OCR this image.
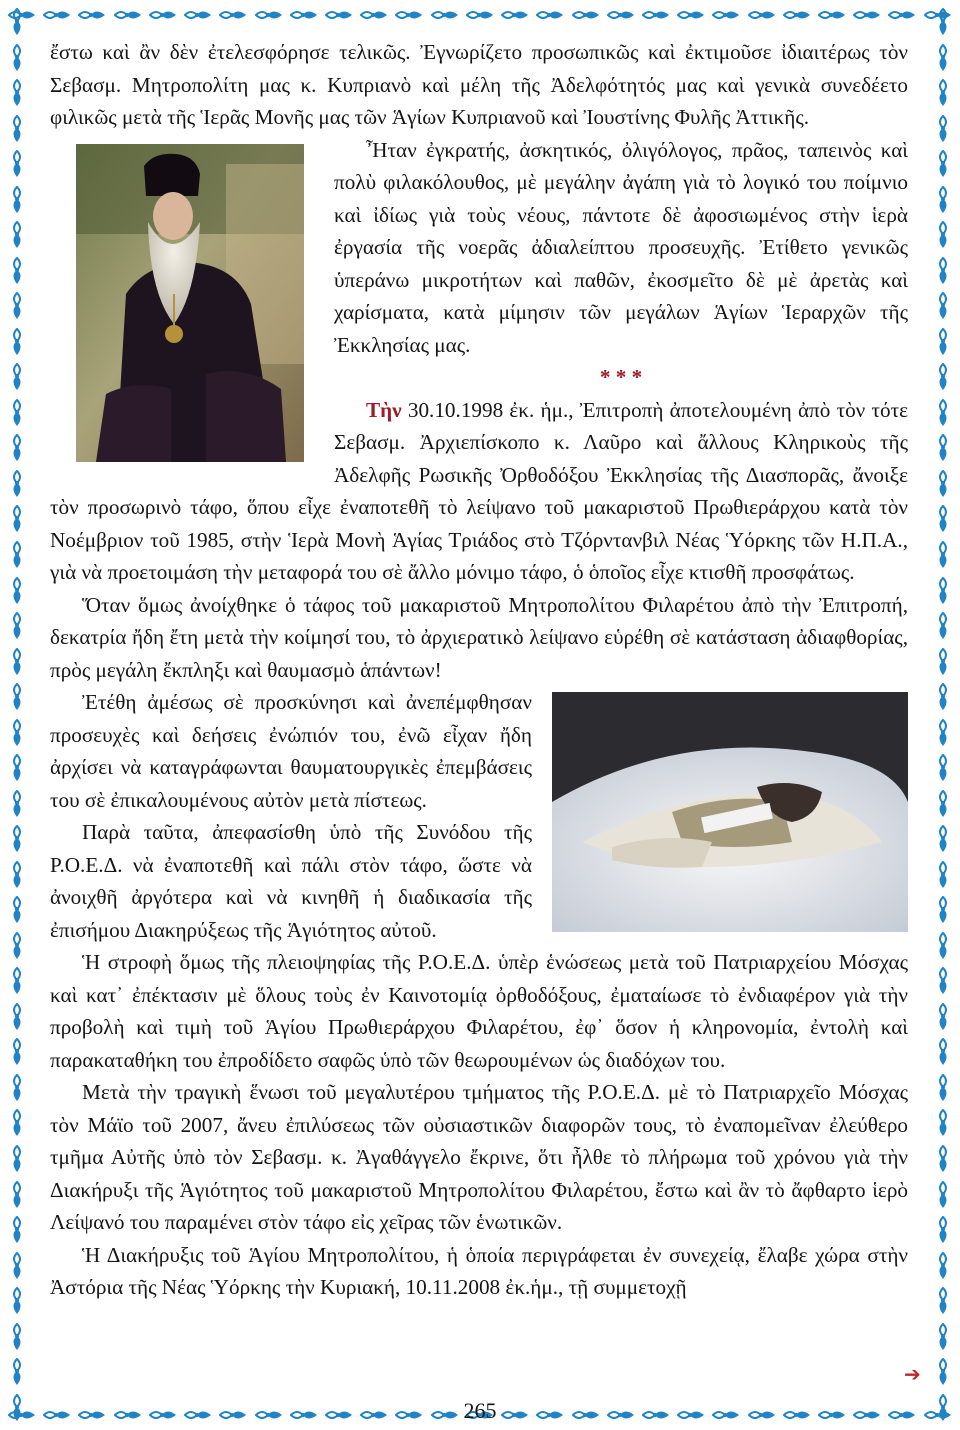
ἔστω καὶ ἂν δὲν ἐτελεσφόρησε τελικῶς. Ἐγνωρίζετο προσωπικῶς καὶ ἐκτιμοῦσε ἰδιαιτέρως τὸν Σεβασμ. Μητροπολίτη μας κ. Κυπριανὸ καὶ μέλη τῆς Ἀδελφότητός μας καὶ γενικὰ συνεδέετο φιλικῶς μετὰ τῆς Ἱερᾶς Μονῆς μας τῶν Ἁγίων Κυπριανοῦ καὶ Ἰουστίνης Φυλῆς Ἀττικῆς.

Ἦταν ἐγκρατής, ἀσκητικός, ὀλιγόλογος, πρᾶος, ταπεινὸς καὶ πολὺ φιλακόλουθος, μὲ μεγάλην ἀγάπη γιὰ τὸ λογικό του ποίμνιο καὶ ἰδίως γιὰ τοὺς νέους, πάντοτε δὲ ἀφοσιωμένος στὴν ἱερὰ ἐργασία τῆς νοερᾶς ἀδιαλείπτου προσευχῆς. Ἐτίθετο γενικῶς ὑπεράνω μικροτήτων καὶ παθῶν, ἐκοσμεῖτο δὲ μὲ ἀρετὰς καὶ χαρίσματα, κατὰ μίμησιν τῶν μεγάλων Ἁγίων Ἱεραρχῶν τῆς Ἐκκλησίας μας.

* * *

Τὴν 30.10.1998 ἐκ. ἡμ., Ἐπιτροπὴ ἀποτελουμένη ἀπὸ τὸν τότε Σεβασμ. Ἀρχιεπίσκοπο κ. Λαῦρο καὶ ἄλλους Κληρικοὺς τῆς Ἀδελφῆς Ρωσικῆς Ὀρθοδόξου Ἐκκλησίας τῆς Διασπορᾶς, ἄνοιξε τὸν προσωρινὸ τάφο, ὅπου εἶχε ἐναποτεθῆ τὸ λείψανο τοῦ μακαριστοῦ Πρωθιεράρχου κατὰ τὸν Νοέμβριον τοῦ 1985, στὴν Ἱερὰ Μονὴ Ἁγίας Τριάδος στὸ Τζόρντανβιλ Νέας Ὑόρκης τῶν Η.Π.Α., γιὰ νὰ προετοιμάση τὴν μεταφορά του σὲ ἄλλο μόνιμο τάφο, ὁ ὁποῖος εἶχε κτισθῆ προσφάτως.

Ὅταν ὅμως ἀνοίχθηκε ὁ τάφος τοῦ μακαριστοῦ Μητροπολίτου Φιλαρέτου ἀπὸ τὴν Ἐπιτροπή, δεκατρία ἤδη ἔτη μετὰ τὴν κοίμησί του, τὸ ἀρχιερατικὸ λείψανο εὑρέθη σὲ κατάσταση ἀδιαφθορίας, πρὸς μεγάλη ἔκπληξι καὶ θαυμασμὸ ἁπάντων!

Ἐτέθη ἀμέσως σὲ προσκύνησι καὶ ἀνεπέμφθησαν προσευχὲς καὶ δεήσεις ἐνώπιόν του, ἐνῶ εἶχαν ἤδη ἀρχίσει νὰ καταγράφωνται θαυματουργικὲς ἐπεμβάσεις του σὲ ἐπικαλουμένους αὐτὸν μετὰ πίστεως.

Παρὰ ταῦτα, ἀπεφασίσθη ὑπὸ τῆς Συνόδου τῆς Ρ.Ο.Ε.Δ. νὰ ἐναποτεθῆ καὶ πάλι στὸν τάφο, ὥστε νὰ ἀνοιχθῆ ἀργότερα καὶ νὰ κινηθῆ ἡ διαδικασία τῆς ἐπισήμου Διακηρύξεως τῆς Ἁγιότητος αὐτοῦ.

Ἡ στροφὴ ὅμως τῆς πλειοψηφίας τῆς Ρ.Ο.Ε.Δ. ὑπὲρ ἑνώσεως μετὰ τοῦ Πατριαρχείου Μόσχας καὶ κατ᾿ ἐπέκτασιν μὲ ὅλους τοὺς ἐν Καινοτομίᾳ ὀρθοδόξους, ἐματαίωσε τὸ ἐνδιαφέρον γιὰ τὴν προβολὴ καὶ τιμὴ τοῦ Ἁγίου Πρωθιεράρχου Φιλαρέτου, ἐφ᾿ ὅσον ἡ κληρονομία, ἐντολὴ καὶ παρακαταθήκη του ἐπροδίδετο σαφῶς ὑπὸ τῶν θεωρουμένων ὡς διαδόχων του.

Μετὰ τὴν τραγικὴ ἕνωσι τοῦ μεγαλυτέρου τμήματος τῆς Ρ.Ο.Ε.Δ. μὲ τὸ Πατριαρχεῖο Μόσχας τὸν Μάϊο τοῦ 2007, ἄνευ ἐπιλύσεως τῶν οὐσιαστικῶν διαφορῶν τους, τὸ ἐναπομεῖναν ἐλεύθερο τμῆμα Αὐτῆς ὑπὸ τὸν Σεβασμ. κ. Ἀγαθάγγελο ἔκρινε, ὅτι ἦλθε τὸ πλήρωμα τοῦ χρόνου γιὰ τὴν Διακήρυξι τῆς Ἁγιότητος τοῦ μακαριστοῦ Μητροπολίτου Φιλαρέτου, ἔστω καὶ ἂν τὸ ἄφθαρτο ἱερὸ Λείψανό του παραμένει στὸν τάφο εἰς χεῖρας τῶν ἑνωτικῶν.

Ἡ Διακήρυξις τοῦ Ἁγίου Μητροπολίτου, ἡ ὁποία περιγράφεται ἐν συνεχείᾳ, ἔλαβε χώρα στὴν Ἀστόρια τῆς Νέας Ὑόρκης τὴν Κυριακή, 10.11.2008 ἐκ.ἡμ., τῇ συμμετοχῇ

➔
265
